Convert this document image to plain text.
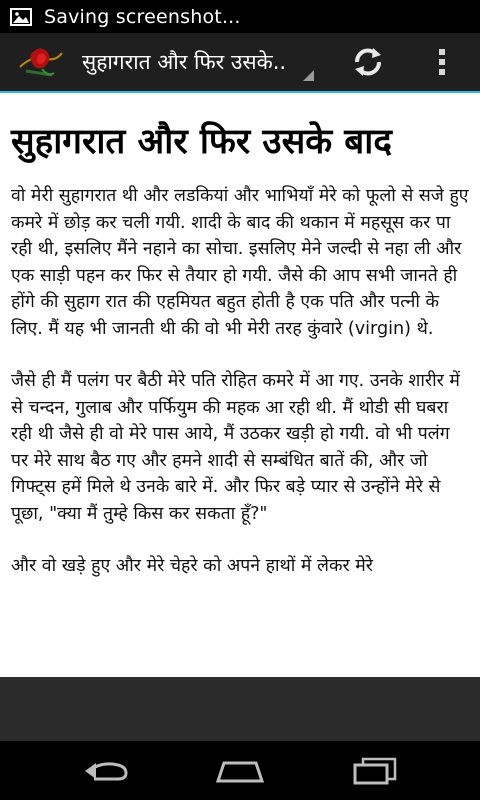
Saving screenshot...
सुहागरात और फिर उसके..
सुहागरात और फिर उसके बाद

वो मेरी सुहागरात थी और लडकियां और भाभियाँ मेरे को फूलो से सजे हुए कमरे में छोड़ कर चली गयी. शादी के बाद की थकान में महसूस कर पा रही थी, इसलिए मैंने नहाने का सोचा. इसलिए मेने जल्दी से नहा ली और एक साड़ी पहन कर फिर से तैयार हो गयी. जैसे की आप सभी जानते ही होंगे की सुहाग रात की एहमियत बहुत होती है एक पति और पत्नी के लिए. मैं यह भी जानती थी की वो भी मेरी तरह कुंवारे (virgin) थे.

जैसे ही मैं पलंग पर बैठी मेरे पति रोहित कमरे में आ गए. उनके शारीर में से चन्दन, गुलाब और पर्फियुम की महक आ रही थी. मैं थोडी सी घबरा रही थी जैसे ही वो मेरे पास आये, मैं उठकर खड़ी हो गयी. वो भी पलंग पर मेरे साथ बैठ गए और हमने शादी से सम्बंधित बातें की, और जो गिफ्ट्स हमें मिले थे उनके बारे में. और फिर बड़े प्यार से उन्होंने मेरे से पूछा, "क्या मैं तुम्हे किस कर सकता हूँ?"

और वो खड़े हुए और मेरे चेहरे को अपने हाथों में लेकर मेरे
